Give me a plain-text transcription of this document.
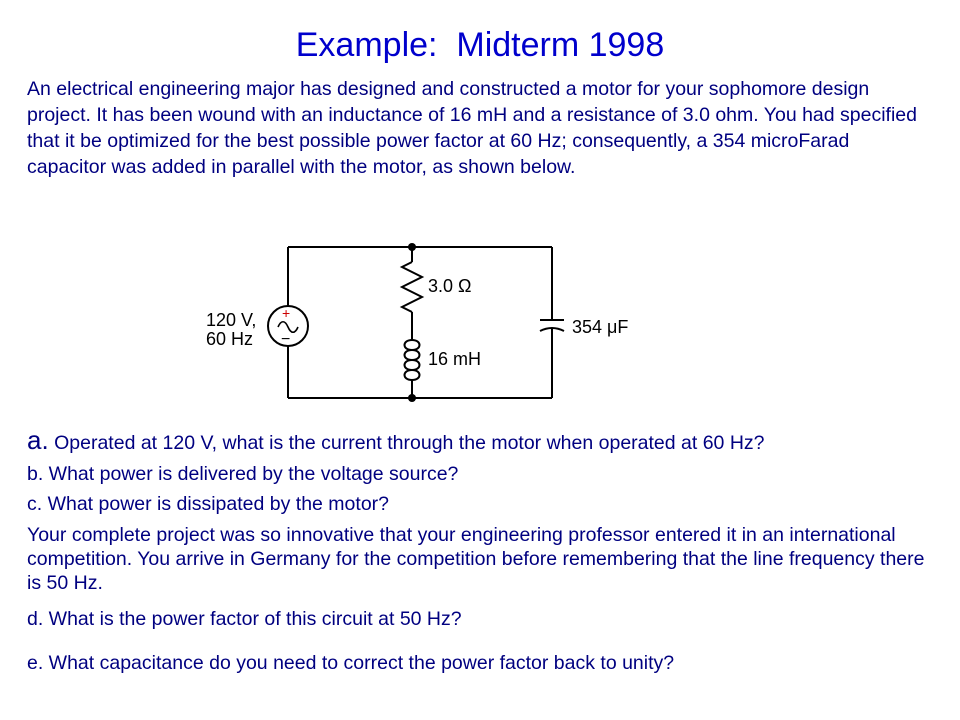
Example:  Midterm 1998
An electrical engineering major has designed and constructed a motor for your sophomore design project. It has been wound with an inductance of 16 mH and a resistance of 3.0 ohm. You had specified that it be optimized for the best possible power factor at 60 Hz; consequently, a 354 microFarad capacitor was added in parallel with the motor, as shown below.
+
−
120 V,
60 Hz
3.0 Ω
16 mH
354 μF
a. Operated at 120 V, what is the current through the motor when operated at 60 Hz?
b. What power is delivered by the voltage source?
c. What power is dissipated by the motor?
Your complete project was so innovative that your engineering professor entered it in an international competition. You arrive in Germany for the competition before remembering that the line frequency there is 50 Hz.
d. What is the power factor of this circuit at 50 Hz?
e. What capacitance do you need to correct the power factor back to unity?
